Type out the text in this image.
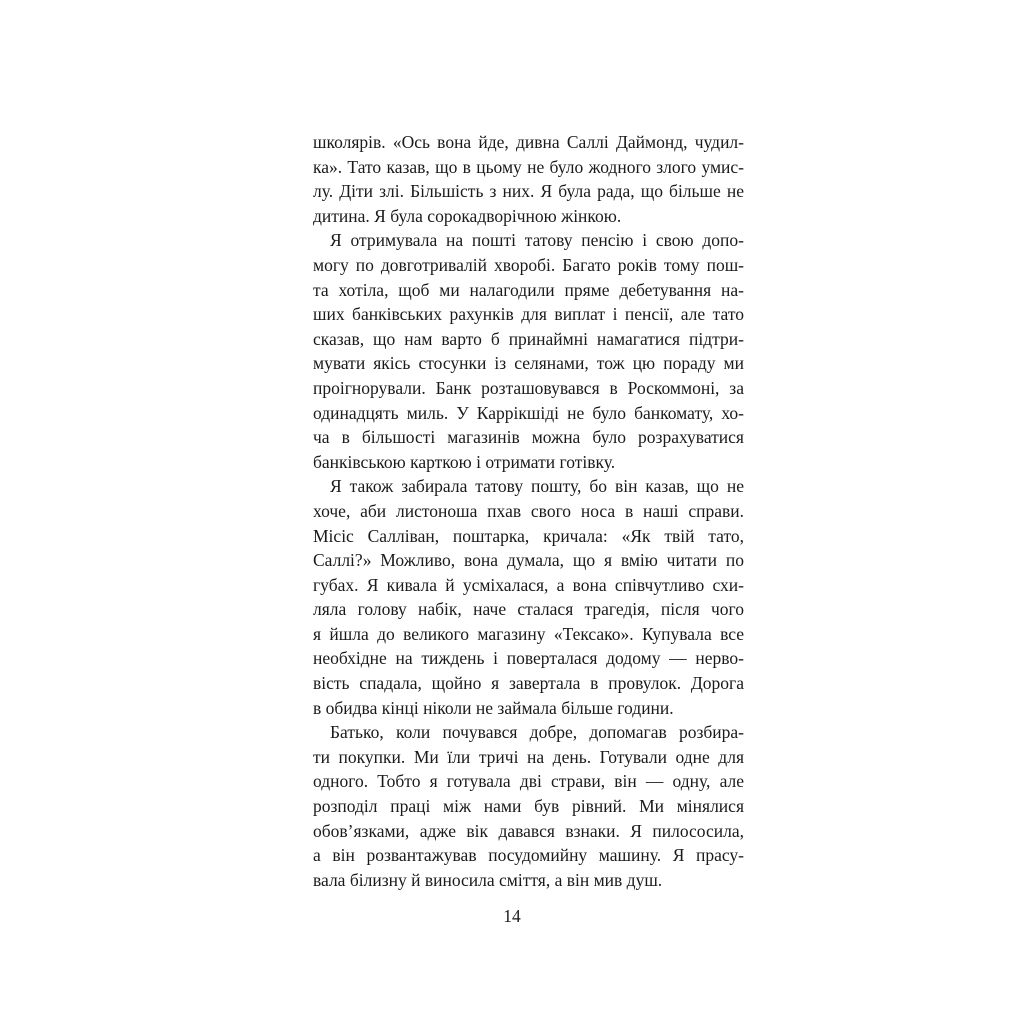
школярів. «Ось вона йде, дивна Саллі Даймонд, чудил-
ка». Тато казав, що в цьому не було жодного злого умис-
лу. Діти злі. Більшість з них. Я була рада, що більше не
дитина. Я була сорокадворічною жінкою.
Я отримувала на пошті татову пенсію і свою допо-
могу по довготривалій хворобі. Багато років тому пош-
та хотіла, щоб ми налагодили пряме дебетування на-
ших банківських рахунків для виплат і пенсії, але тато
сказав, що нам варто б принаймні намагатися підтри-
мувати якісь стосунки із селянами, тож цю пораду ми
проігнорували. Банк розташовувався в Роскоммоні, за
одинадцять миль. У Каррікшіді не було банкомату, хо-
ча в більшості магазинів можна було розрахуватися
банківською карткою і отримати готівку.
Я також забирала татову пошту, бо він казав, що не
хоче, аби листоноша пхав свого носа в наші справи.
Місіс Салліван, поштарка, кричала: «Як твій тато,
Саллі?» Можливо, вона думала, що я вмію читати по
губах. Я кивала й усміхалася, а вона співчутливо схи-
ляла голову набік, наче сталася трагедія, після чого
я йшла до великого магазину «Тексако». Купувала все
необхідне на тиждень і поверталася додому — нерво-
вість спадала, щойно я завертала в провулок. Дорога
в обидва кінці ніколи не займала більше години.
Батько, коли почувався добре, допомагав розбира-
ти покупки. Ми їли тричі на день. Готували одне для
одного. Тобто я готувала дві страви, він — одну, але
розподіл праці між нами був рівний. Ми мінялися
обов’язками, адже вік давався взнаки. Я пилососила,
а він розвантажував посудомийну машину. Я прасу-
вала білизну й виносила сміття, а він мив душ.
14
